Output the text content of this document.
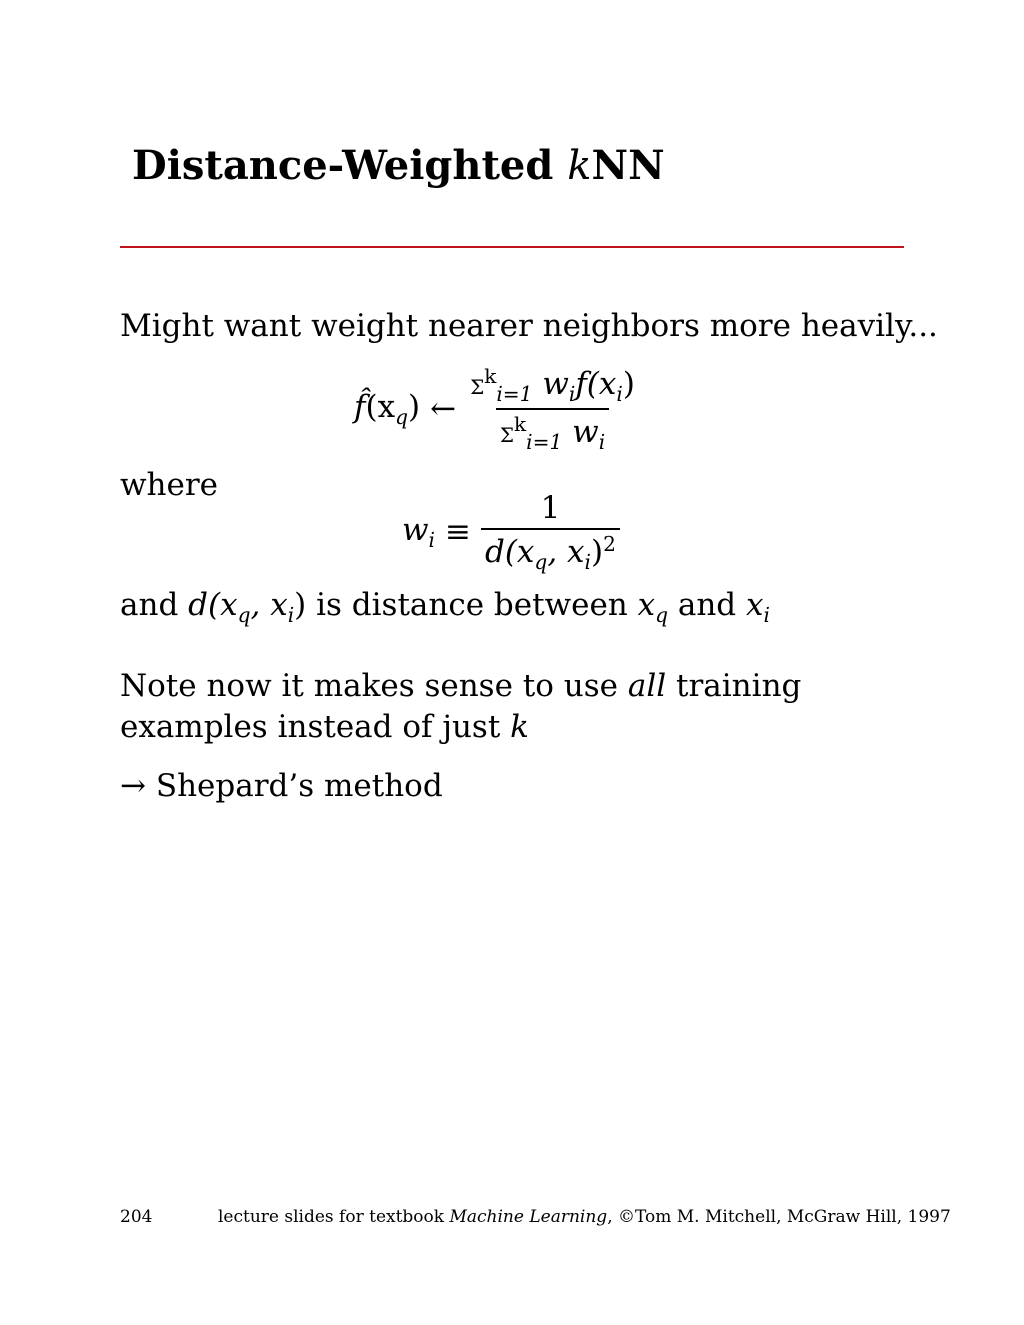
Distance-Weighted kNN
Might want weight nearer neighbors more heavily...
$f̂(x_q)$ ← $\frac{\Sigma^k_{i=1} w_if(x_i)}{\Sigma^k_{i=1} w_i}$
where
$w_i \equiv \frac{1}{d(x_q, x_i)^2}$
and $d(x_q$, $x_i$) is distance between $x_q$ and $x_i$
Note now it makes sense to use all training
examples instead of just k
→ Shepard’s method
204	lecture slides for textbook Machine Learning, ©Tom M. Mitchell, McGraw Hill, 1997
